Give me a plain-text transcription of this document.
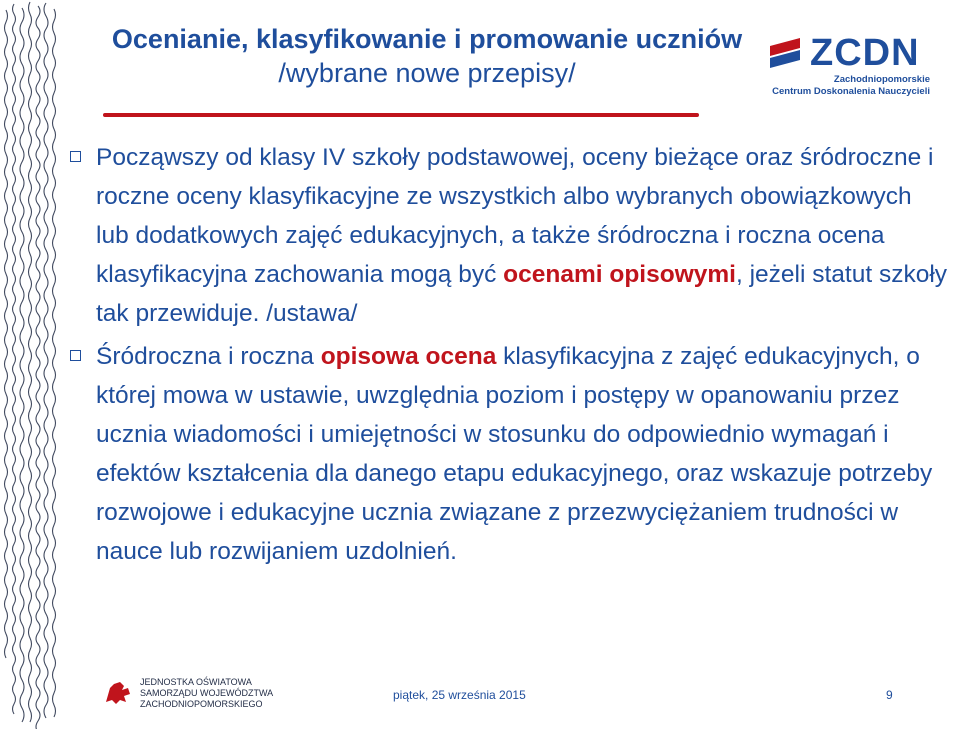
Ocenianie, klasyfikowanie i promowanie uczniów
/wybrane nowe przepisy/	ZCDN
Zachodniopomorskie
Centrum Doskonalenia Nauczycieli
Począwszy od klasy IV szkoły podstawowej, oceny bieżące oraz śródroczne i roczne oceny klasyfikacyjne ze wszystkich albo wybranych obowiązkowych lub dodatkowych zajęć edukacyjnych, a także śródroczna i roczna ocena klasyfikacyjna zachowania mogą być ocenami opisowymi, jeżeli statut szkoły tak przewiduje. /ustawa/
Śródroczna i roczna opisowa ocena klasyfikacyjna z zajęć edukacyjnych, o której mowa w ustawie, uwzględnia poziom i postępy w opanowaniu przez ucznia wiadomości i umiejętności w stosunku do odpowiednio wymagań i efektów kształcenia dla danego etapu edukacyjnego, oraz wskazuje potrzeby rozwojowe i edukacyjne ucznia związane z przezwyciężaniem trudności w nauce lub rozwijaniem uzdolnień.
JEDNOSTKA OŚWIATOWA
SAMORZĄDU WOJEWÓDZTWA
ZACHODNIOPOMORSKIEGO
piątek, 25 września 2015	9
